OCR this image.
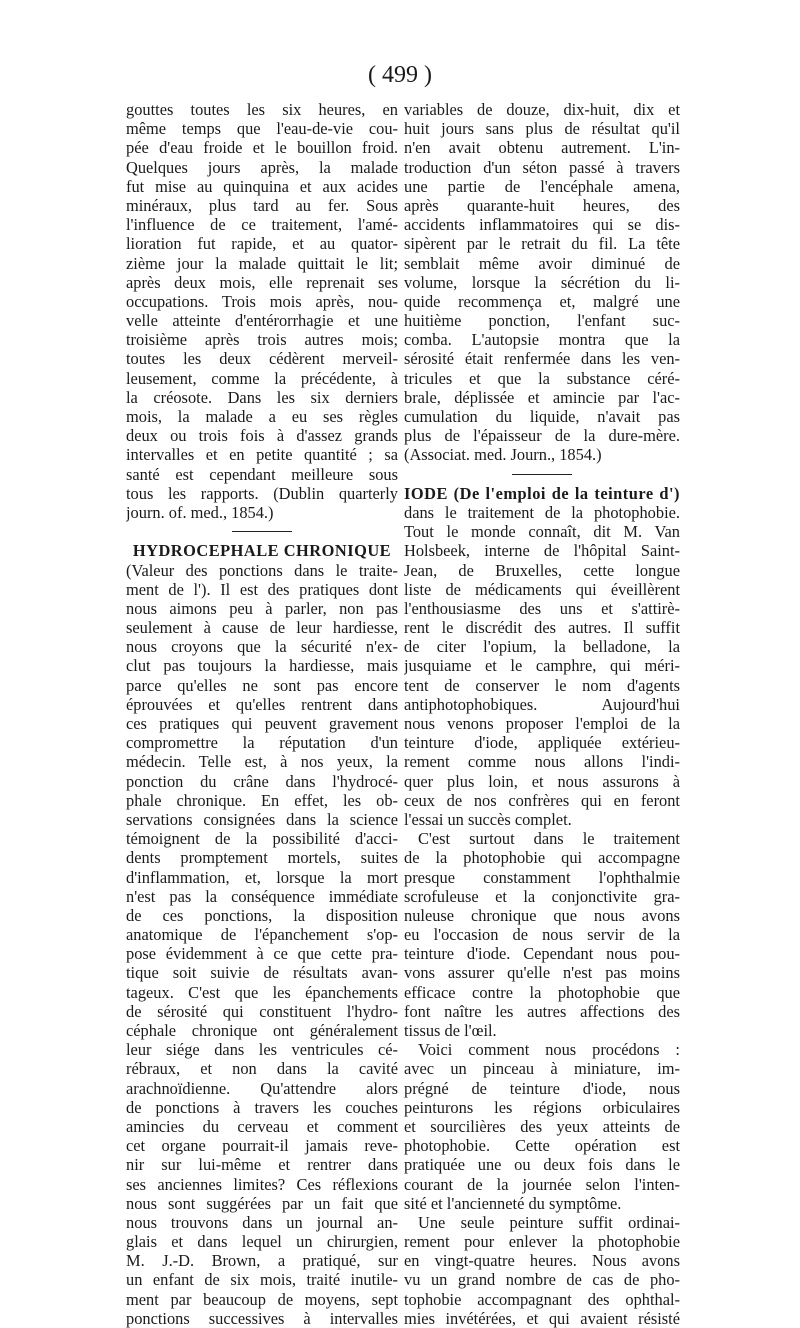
( 499 )
gouttes toutes les six heures, en
même temps que l'eau-de-vie cou-
pée d'eau froide et le bouillon froid.
Quelques jours après, la malade
fut mise au quinquina et aux acides
minéraux, plus tard au fer. Sous
l'influence de ce traitement, l'amé-
lioration fut rapide, et au quator-
zième jour la malade quittait le lit;
après deux mois, elle reprenait ses
occupations. Trois mois après, nou-
velle atteinte d'entérorrhagie et une
troisième après trois autres mois;
toutes les deux cédèrent merveil-
leusement, comme la précédente, à
la créosote. Dans les six derniers
mois, la malade a eu ses règles
deux ou trois fois à d'assez grands
intervalles et en petite quantité ; sa
santé est cependant meilleure sous
tous les rapports. (Dublin quarterly
journ. of. med., 1854.)
HYDROCEPHALE CHRONIQUE
(Valeur des ponctions dans le traite-
ment de l'). Il est des pratiques dont
nous aimons peu à parler, non pas
seulement à cause de leur hardiesse,
nous croyons que la sécurité n'ex-
clut pas toujours la hardiesse, mais
parce qu'elles ne sont pas encore
éprouvées et qu'elles rentrent dans
ces pratiques qui peuvent gravement
compromettre la réputation d'un
médecin. Telle est, à nos yeux, la
ponction du crâne dans l'hydrocé-
phale chronique. En effet, les ob-
servations consignées dans la science
témoignent de la possibilité d'acci-
dents promptement mortels, suites
d'inflammation, et, lorsque la mort
n'est pas la conséquence immédiate
de ces ponctions, la disposition
anatomique de l'épanchement s'op-
pose évidemment à ce que cette pra-
tique soit suivie de résultats avan-
tageux. C'est que les épanchements
de sérosité qui constituent l'hydro-
céphale chronique ont généralement
leur siége dans les ventricules cé-
rébraux, et non dans la cavité
arachnoïdienne. Qu'attendre alors
de ponctions à travers les couches
amincies du cerveau et comment
cet organe pourrait-il jamais reve-
nir sur lui-même et rentrer dans
ses anciennes limites? Ces réflexions
nous sont suggérées par un fait que
nous trouvons dans un journal an-
glais et dans lequel un chirurgien,
M. J.-D. Brown, a pratiqué, sur
un enfant de six mois, traité inutile-
ment par beaucoup de moyens, sept
ponctions successives à intervalles
variables de douze, dix-huit, dix et
huit jours sans plus de résultat qu'il
n'en avait obtenu autrement. L'in-
troduction d'un séton passé à travers
une partie de l'encéphale amena,
après quarante-huit heures, des
accidents inflammatoires qui se dis-
sipèrent par le retrait du fil. La tête
semblait même avoir diminué de
volume, lorsque la sécrétion du li-
quide recommença et, malgré une
huitième ponction, l'enfant suc-
comba. L'autopsie montra que la
sérosité était renfermée dans les ven-
tricules et que la substance céré-
brale, déplissée et amincie par l'ac-
cumulation du liquide, n'avait pas
plus de l'épaisseur de la dure-mère.
(Associat. med. Journ., 1854.)
IODE (De l'emploi de la teinture d')
dans le traitement de la photophobie.
Tout le monde connaît, dit M. Van
Holsbeek, interne de l'hôpital Saint-
Jean, de Bruxelles, cette longue
liste de médicaments qui éveillèrent
l'enthousiasme des uns et s'attirè-
rent le discrédit des autres. Il suffit
de citer l'opium, la belladone, la
jusquiame et le camphre, qui méri-
tent de conserver le nom d'agents
antiphotophobiques. Aujourd'hui
nous venons proposer l'emploi de la
teinture d'iode, appliquée extérieu-
rement comme nous allons l'indi-
quer plus loin, et nous assurons à
ceux de nos confrères qui en feront
l'essai un succès complet.
C'est surtout dans le traitement
de la photophobie qui accompagne
presque constamment l'ophthalmie
scrofuleuse et la conjonctivite gra-
nuleuse chronique que nous avons
eu l'occasion de nous servir de la
teinture d'iode. Cependant nous pou-
vons assurer qu'elle n'est pas moins
efficace contre la photophobie que
font naître les autres affections des
tissus de l'œil.
Voici comment nous procédons :
avec un pinceau à miniature, im-
prégné de teinture d'iode, nous
peinturons les régions orbiculaires
et sourcilières des yeux atteints de
photophobie. Cette opération est
pratiquée une ou deux fois dans le
courant de la journée selon l'inten-
sité et l'ancienneté du symptôme.
Une seule peinture suffit ordinai-
rement pour enlever la photophobie
en vingt-quatre heures. Nous avons
vu un grand nombre de cas de pho-
tophobie accompagnant des ophthal-
mies invétérées, et qui avaient résisté
